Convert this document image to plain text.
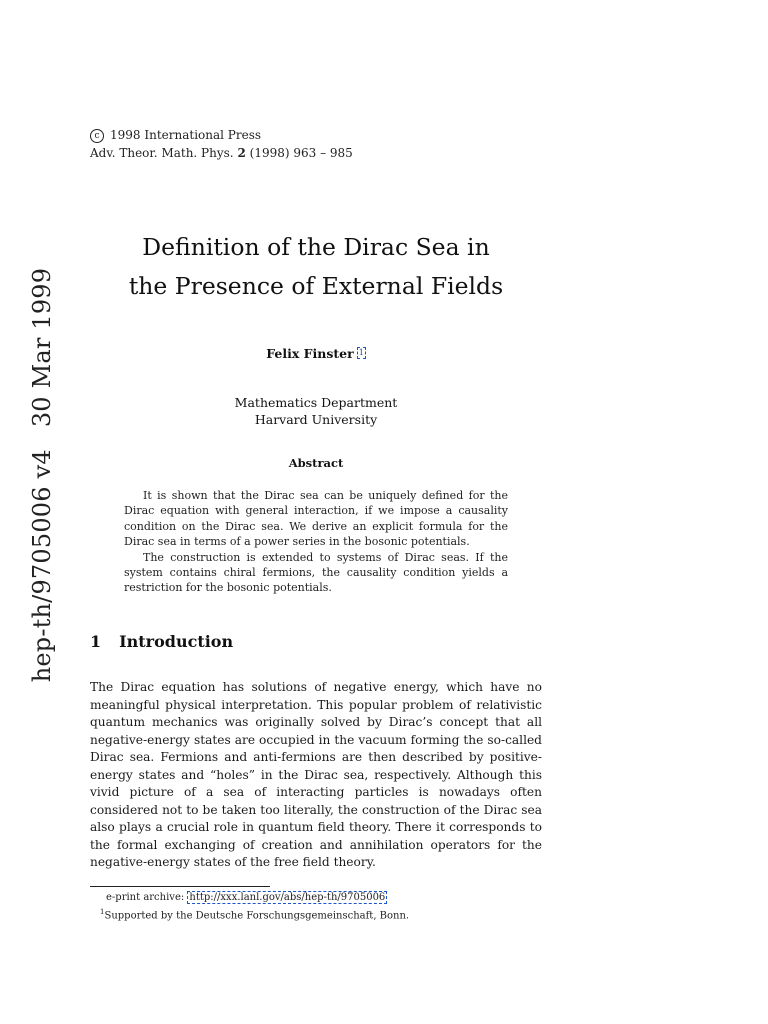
hep-th/9705006 v430 Mar 1999
c 1998 International Press
Adv. Theor. Math. Phys. 2 (1998) 963 – 985
Definition of the Dirac Sea in
the Presence of External Fields
Felix Finster 1
Mathematics Department
Harvard University
Abstract

It is shown that the Dirac sea can be uniquely defined for the Dirac equation with general interaction, if we impose a causality condition on the Dirac sea. We derive an explicit formula for the Dirac sea in terms of a power series in the bosonic potentials.

The construction is extended to systems of Dirac seas. If the system contains chiral fermions, the causality condition yields a restriction for the bosonic potentials.

1 Introduction

The Dirac equation has solutions of negative energy, which have no meaningful physical interpretation. This popular problem of relativistic quantum mechanics was originally solved by Dirac’s concept that all negative-energy states are occupied in the vacuum forming the so-called Dirac sea. Fermions and anti-fermions are then described by positive-energy states and “holes” in the Dirac sea, respectively. Although this vivid picture of a sea of interacting particles is nowadays often considered not to be taken too literally, the construction of the Dirac sea also plays a crucial role in quantum field theory. There it corresponds to the formal exchanging of creation and annihilation operators for the negative-energy states of the free field theory.

e-print archive: http://xxx.lanl.gov/abs/hep-th/9705006
$^1$Supported by the Deutsche Forschungsgemeinschaft, Bonn.
